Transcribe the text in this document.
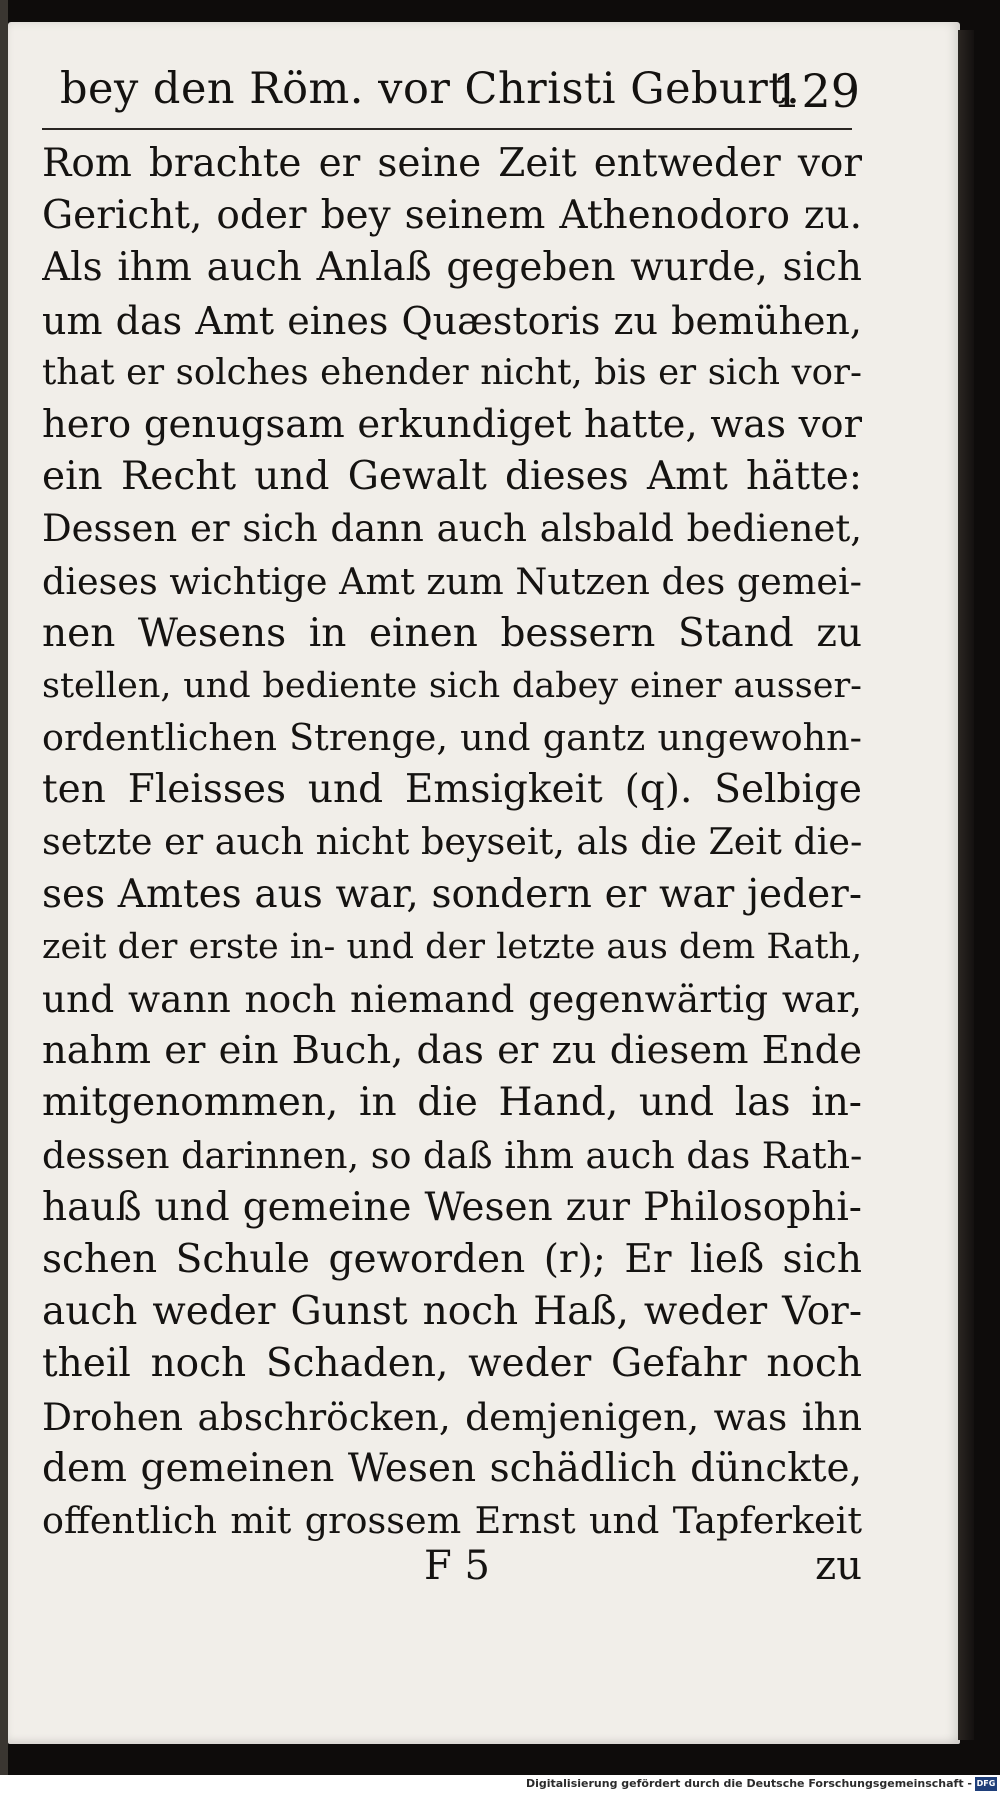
bey den Röm. vor Christi Geburt.
129
Rom brachte er seine Zeit entweder vor
Gericht, oder bey seinem Athenodoro zu.
Als ihm auch Anlaß gegeben wurde, sich
um das Amt eines Quæstoris zu bemühen,
that er solches ehender nicht, bis er sich vor-
hero genugsam erkundiget hatte, was vor
ein Recht und Gewalt dieses Amt hätte:
Dessen er sich dann auch alsbald bedienet,
dieses wichtige Amt zum Nutzen des gemei-
nen Wesens in einen bessern Stand zu
stellen, und bediente sich dabey einer ausser-
ordentlichen Strenge, und gantz ungewohn-
ten Fleisses und Emsigkeit (q). Selbige
setzte er auch nicht beyseit, als die Zeit die-
ses Amtes aus war, sondern er war jeder-
zeit der erste in- und der letzte aus dem Rath,
und wann noch niemand gegenwärtig war,
nahm er ein Buch, das er zu diesem Ende
mitgenommen, in die Hand, und las in-
dessen darinnen, so daß ihm auch das Rath-
hauß und gemeine Wesen zur Philosophi-
schen Schule geworden (r); Er ließ sich
auch weder Gunst noch Haß, weder Vor-
theil noch Schaden, weder Gefahr noch
Drohen abschröcken, demjenigen, was ihn
dem gemeinen Wesen schädlich dünckte,
offentlich mit grossem Ernst und Tapferkeit
F 5	zu
Digitalisierung gefördert durch die Deutsche Forschungsgemeinschaft - DFG
